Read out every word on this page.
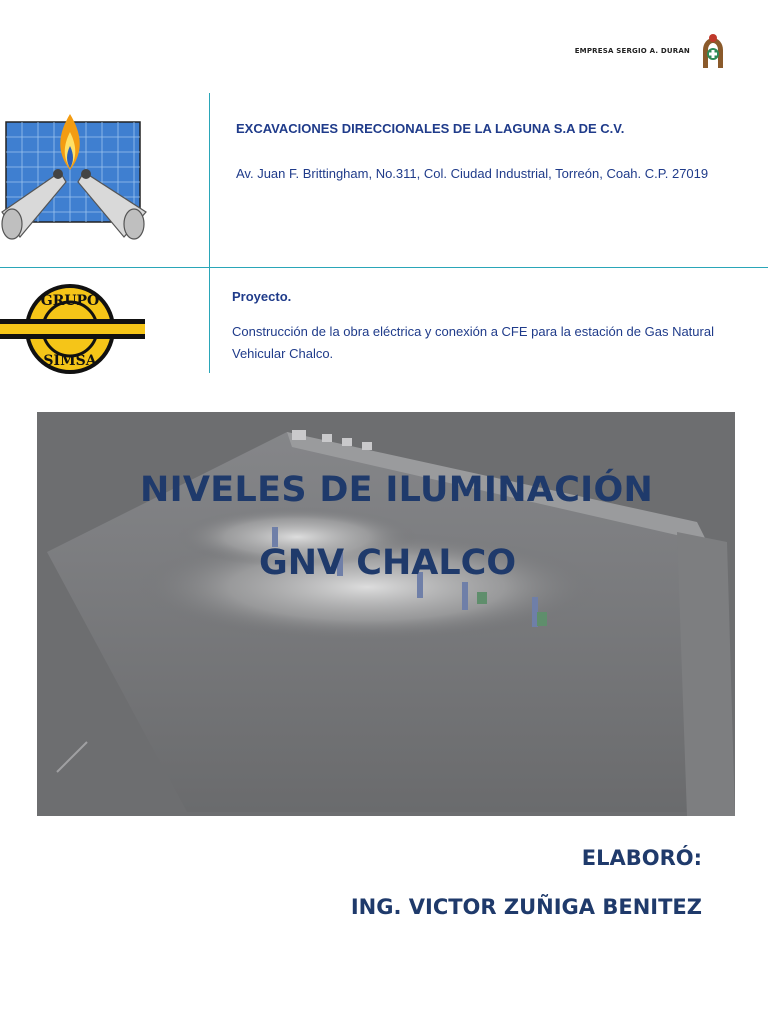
EMPRESA SERGIO A. DURAN
EXCAVACIONES DIRECCIONALES DE LA LAGUNA S.A DE C.V.
Av. Juan F. Brittingham, No.311, Col. Ciudad Industrial, Torreón, Coah. C.P. 27019
GRUPO
SIMSA
Proyecto.
Construcción de la obra eléctrica y conexión a CFE para la estación de Gas Natural Vehicular Chalco.
NIVELES DE ILUMINACIÓN
GNV CHALCO
ELABORÓ:
ING. VICTOR ZUÑIGA BENITEZ
